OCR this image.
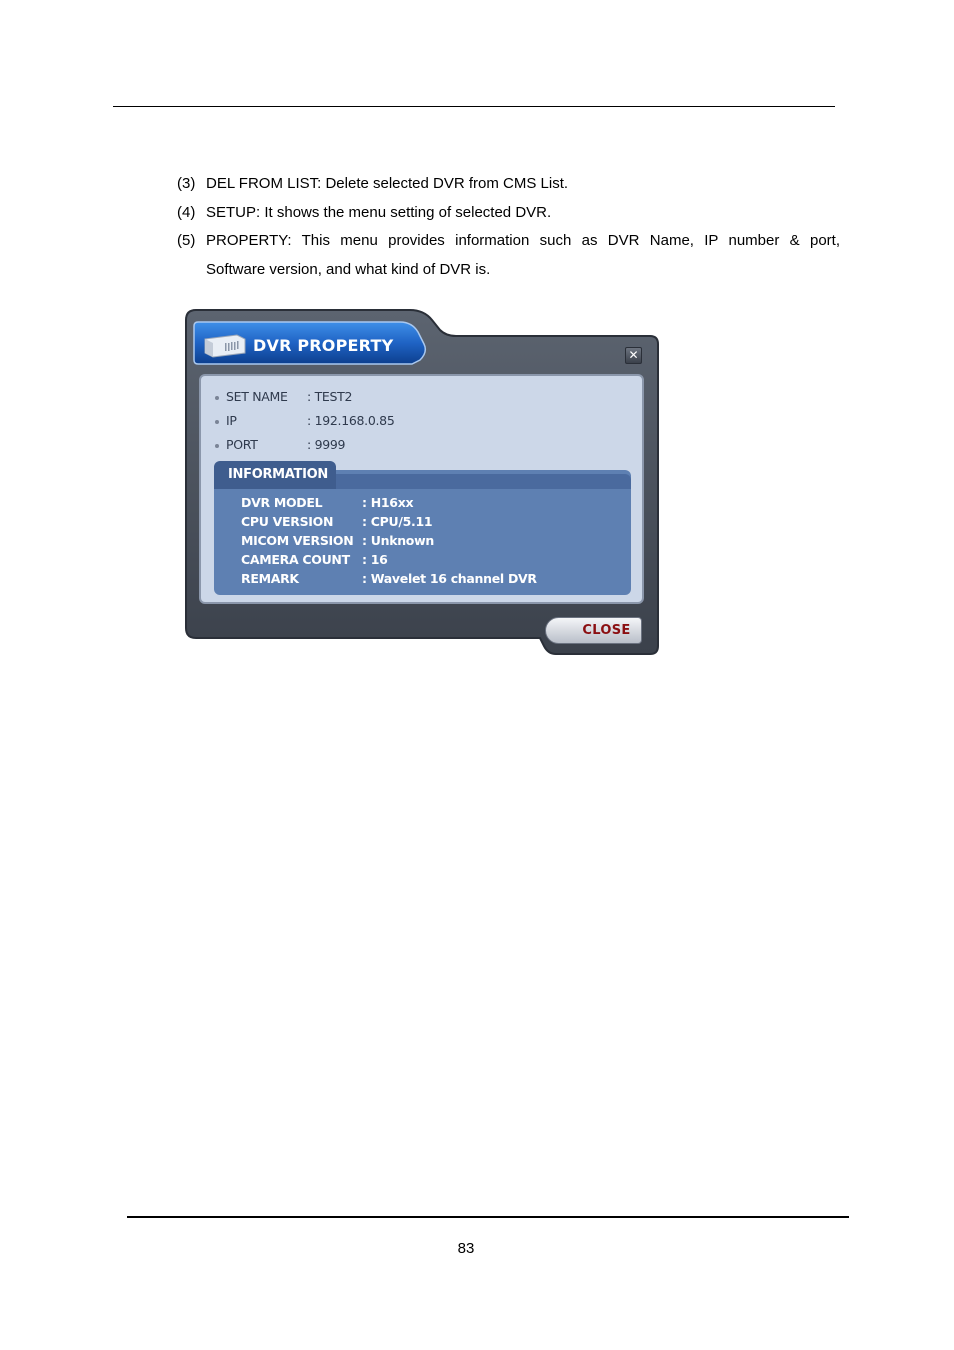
(3) DEL FROM LIST: Delete selected DVR from CMS List.
(4) SETUP: It shows the menu setting of selected DVR.
(5) PROPERTY: This menu provides information such as DVR Name, IP number & port,
Software version, and what kind of DVR is.
DVR PROPERTY	✕
SET NAME : TEST2
IP	: 192.168.0.85
PORT	: 9999
INFORMATION
DVR MODEL	: H16xx
CPU VERSION : CPU/5.11
MICOM VERSION : Unknown
CAMERA COUNT : 16
REMARK	: Wavelet 16 channel DVR
CLOSE
83
